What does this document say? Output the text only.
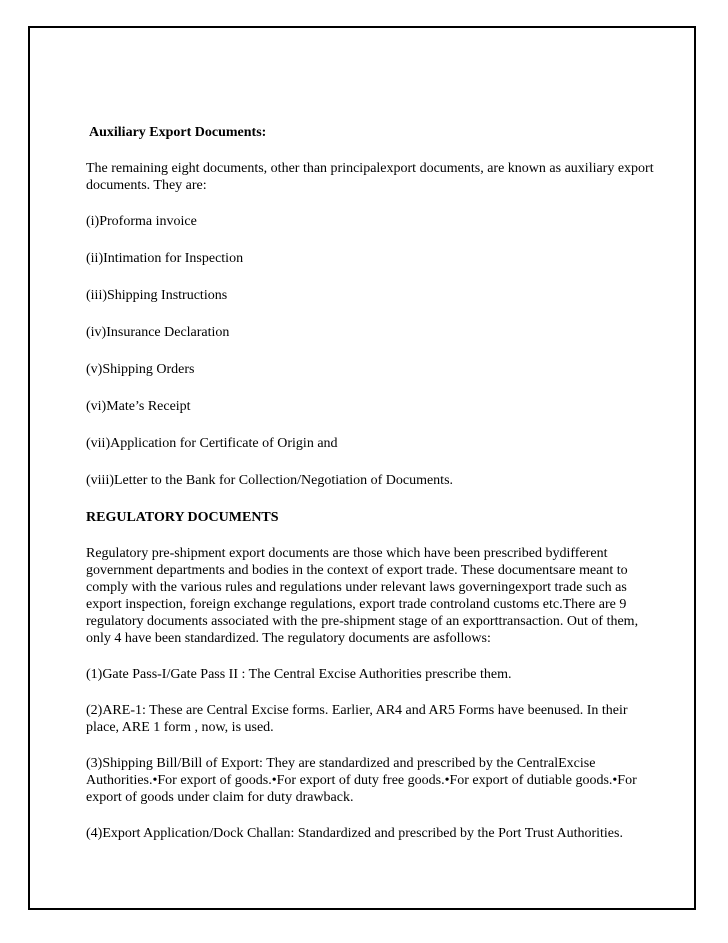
Auxiliary Export Documents:

The remaining eight documents, other than principalexport documents, are known as auxiliary export documents. They are:

(i)Proforma invoice

(ii)Intimation for Inspection

(iii)Shipping Instructions

(iv)Insurance Declaration

(v)Shipping Orders

(vi)Mate’s Receipt

(vii)Application for Certificate of Origin and

(viii)Letter to the Bank for Collection/Negotiation of Documents.

REGULATORY DOCUMENTS

Regulatory pre-shipment export documents are those which have been prescribed bydifferent government departments and bodies in the context of export trade. These documentsare meant to comply with the various rules and regulations under relevant laws governingexport trade such as export inspection, foreign exchange regulations, export trade controland customs etc.There are 9 regulatory documents associated with the pre-shipment stage of an exporttransaction. Out of them, only 4 have been standardized. The regulatory documents are asfollows:

(1)Gate Pass-I/Gate Pass II : The Central Excise Authorities prescribe them.

(2)ARE-1: These are Central Excise forms. Earlier, AR4 and AR5 Forms have beenused. In their place, ARE 1 form , now, is used.

(3)Shipping Bill/Bill of Export: They are standardized and prescribed by the CentralExcise Authorities.•For export of goods.•For export of duty free goods.•For export of dutiable goods.•For export of goods under claim for duty drawback.

(4)Export Application/Dock Challan: Standardized and prescribed by the Port Trust Authorities.
